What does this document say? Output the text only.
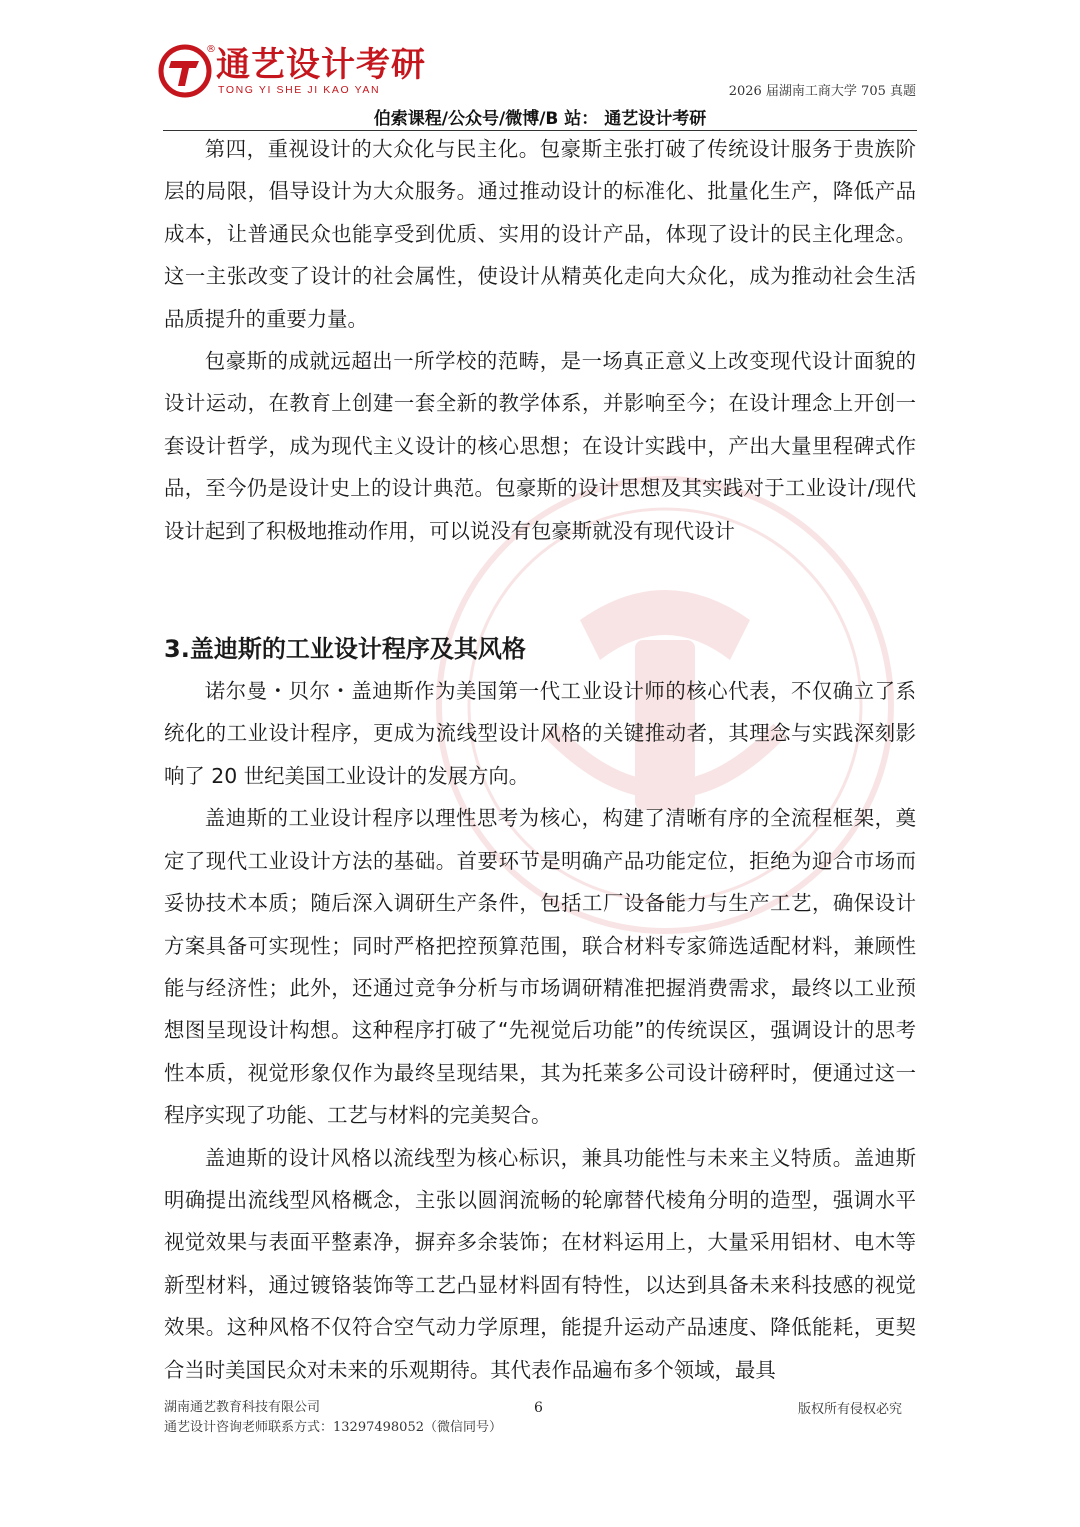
® 通艺设计考研
TONG YI SHE JI KAO YAN	2026 届湖南工商大学 705 真题
伯索课程/公众号/微博/B 站： 通艺设计考研

第四，重视设计的大众化与民主化。包豪斯主张打破了传统设计服务于贵族阶层的局限，倡导设计为大众服务。通过推动设计的标准化、批量化生产，降低产品成本，让普通民众也能享受到优质、实用的设计产品，体现了设计的民主化理念。这一主张改变了设计的社会属性，使设计从精英化走向大众化，成为推动社会生活品质提升的重要力量。

包豪斯的成就远超出一所学校的范畴，是一场真正意义上改变现代设计面貌的设计运动，在教育上创建一套全新的教学体系，并影响至今；在设计理念上开创一套设计哲学，成为现代主义设计的核心思想；在设计实践中，产出大量里程碑式作品，至今仍是设计史上的设计典范。包豪斯的设计思想及其实践对于工业设计/现代设计起到了积极地推动作用，可以说没有包豪斯就没有现代设计

3.盖迪斯的工业设计程序及其风格

诺尔曼・贝尔・盖迪斯作为美国第一代工业设计师的核心代表，不仅确立了系统化的工业设计程序，更成为流线型设计风格的关键推动者，其理念与实践深刻影响了 20 世纪美国工业设计的发展方向。

盖迪斯的工业设计程序以理性思考为核心，构建了清晰有序的全流程框架，奠定了现代工业设计方法的基础。首要环节是明确产品功能定位，拒绝为迎合市场而妥协技术本质；随后深入调研生产条件，包括工厂设备能力与生产工艺，确保设计方案具备可实现性；同时严格把控预算范围，联合材料专家筛选适配材料，兼顾性能与经济性；此外，还通过竞争分析与市场调研精准把握消费需求，最终以工业预想图呈现设计构想。这种程序打破了“先视觉后功能”的传统误区，强调设计的思考性本质，视觉形象仅作为最终呈现结果，其为托莱多公司设计磅秤时，便通过这一程序实现了功能、工艺与材料的完美契合。

盖迪斯的设计风格以流线型为核心标识，兼具功能性与未来主义特质。盖迪斯明确提出流线型风格概念，主张以圆润流畅的轮廓替代棱角分明的造型，强调水平视觉效果与表面平整素净，摒弃多余装饰；在材料运用上，大量采用铝材、电木等新型材料，通过镀铬装饰等工艺凸显材料固有特性，以达到具备未来科技感的视觉效果。这种风格不仅符合空气动力学原理，能提升运动产品速度、降低能耗，更契合当时美国民众对未来的乐观期待。其代表作品遍布多个领域，最具

湖南通艺教育科技有限公司
通艺设计咨询老师联系方式：13297498052（微信同号）
6	版权所有侵权必究
